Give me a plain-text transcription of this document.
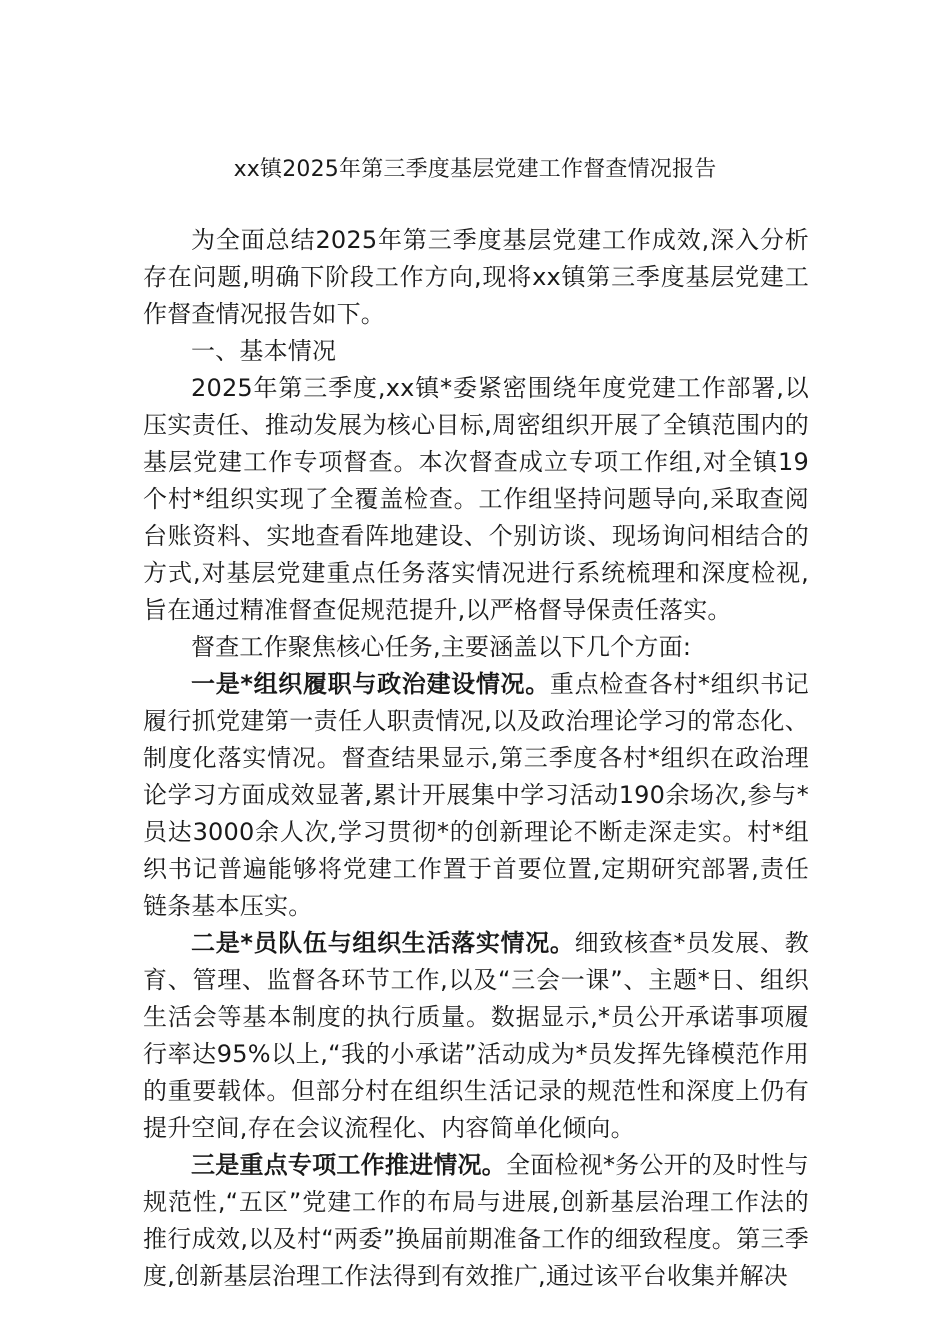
xx镇2025年第三季度基层党建工作督查情况报告

为全面总结2025年第三季度基层党建工作成效,深入分析存在问题,明确下阶段工作方向,现将xx镇第三季度基层党建工作督查情况报告如下。

一、基本情况

2025年第三季度,xx镇*委紧密围绕年度党建工作部署,以压实责任、推动发展为核心目标,周密组织开展了全镇范围内的基层党建工作专项督查。本次督查成立专项工作组,对全镇19个村*组织实现了全覆盖检查。工作组坚持问题导向,采取查阅台账资料、实地查看阵地建设、个别访谈、现场询问相结合的方式,对基层党建重点任务落实情况进行系统梳理和深度检视,旨在通过精准督查促规范提升,以严格督导保责任落实。

督查工作聚焦核心任务,主要涵盖以下几个方面:

一是*组织履职与政治建设情况。重点检查各村*组织书记履行抓党建第一责任人职责情况,以及政治理论学习的常态化、制度化落实情况。督查结果显示,第三季度各村*组织在政治理论学习方面成效显著,累计开展集中学习活动190余场次,参与*员达3000余人次,学习贯彻*的创新理论不断走深走实。村*组织书记普遍能够将党建工作置于首要位置,定期研究部署,责任链条基本压实。

二是*员队伍与组织生活落实情况。细致核查*员发展、教育、管理、监督各环节工作,以及“三会一课”、主题*日、组织生活会等基本制度的执行质量。数据显示,*员公开承诺事项履行率达95%以上,“我的小承诺”活动成为*员发挥先锋模范作用的重要载体。但部分村在组织生活记录的规范性和深度上仍有提升空间,存在会议流程化、内容简单化倾向。

三是重点专项工作推进情况。全面检视*务公开的及时性与规范性,“五区”党建工作的布局与进展,创新基层治理工作法的推行成效,以及村“两委”换届前期准备工作的细致程度。第三季度,创新基层治理工作法得到有效推广,通过该平台收集并解决
